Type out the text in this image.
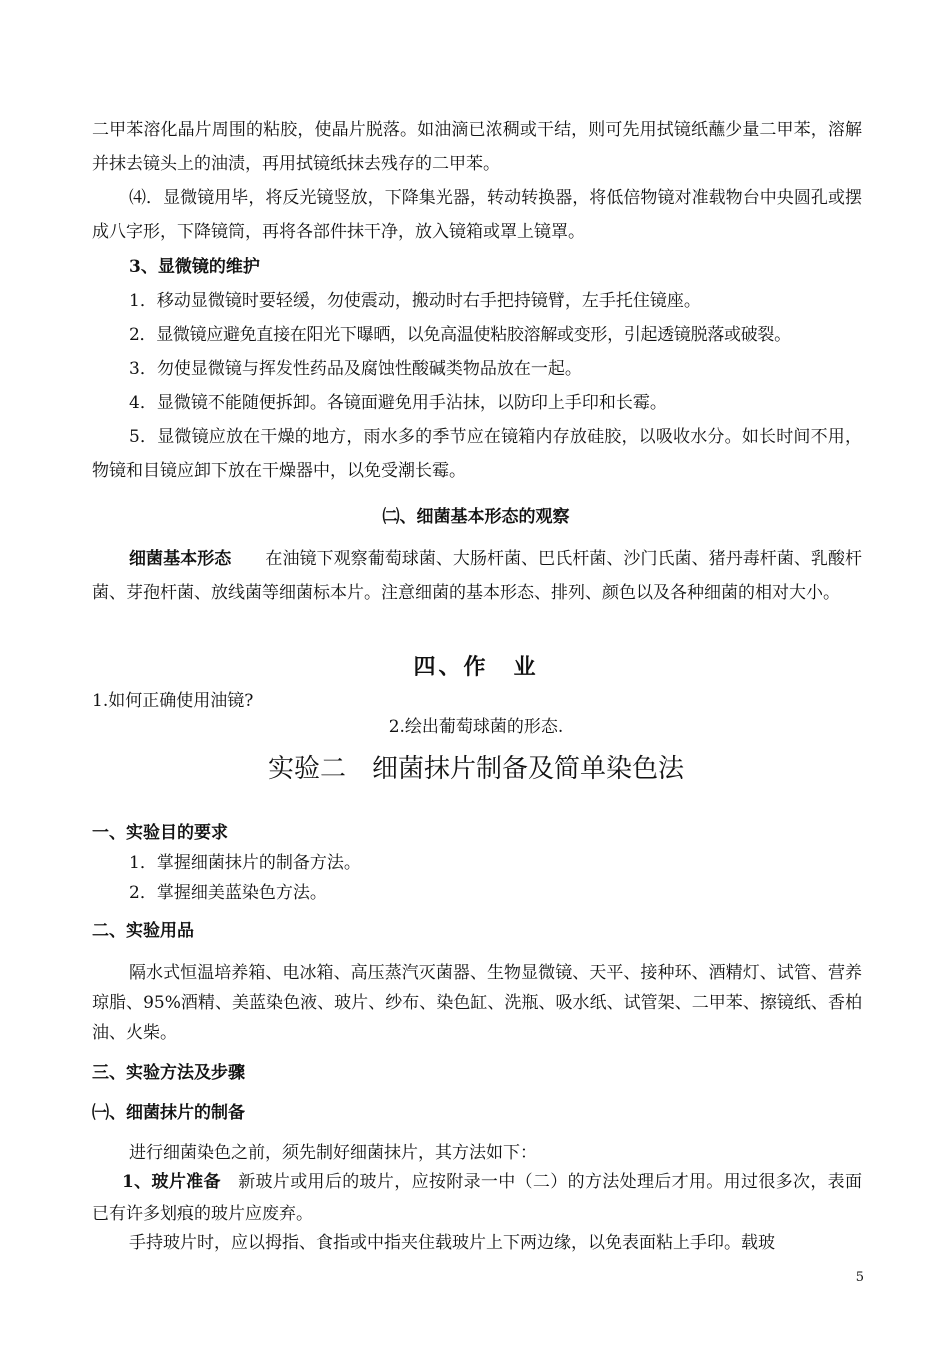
二甲苯溶化晶片周围的粘胶，使晶片脱落。如油滴已浓稠或干结，则可先用拭镜纸蘸少量二甲苯，溶解并抹去镜头上的油渍，再用拭镜纸抹去残存的二甲苯。

⑷．显微镜用毕，将反光镜竖放，下降集光器，转动转换器，将低倍物镜对准载物台中央圆孔或摆成八字形，下降镜筒，再将各部件抹干净，放入镜箱或罩上镜罩。

3、显微镜的维护

1．移动显微镜时要轻缓，勿使震动，搬动时右手把持镜臂，左手托住镜座。

2．显微镜应避免直接在阳光下曝晒，以免高温使粘胶溶解或变形，引起透镜脱落或破裂。

3．勿使显微镜与挥发性药品及腐蚀性酸碱类物品放在一起。

4．显微镜不能随便拆卸。各镜面避免用手沾抹，以防印上手印和长霉。

5．显微镜应放在干燥的地方，雨水多的季节应在镜箱内存放硅胶，以吸收水分。如长时间不用，物镜和目镜应卸下放在干燥器中，以免受潮长霉。

㈡、细菌基本形态的观察

细菌基本形态　　 在油镜下观察葡萄球菌、大肠杆菌、巴氏杆菌、沙门氏菌、猪丹毒杆菌、乳酸杆菌、芽孢杆菌、放线菌等细菌标本片。注意细菌的基本形态、排列、颜色以及各种细菌的相对大小。

四、作　业
1.如何正确使用油镜?
2.绘出葡萄球菌的形态.
实验二　细菌抹片制备及简单染色法
一、实验目的要求

1．掌握细菌抹片的制备方法。

2．掌握细美蓝染色方法。

二、实验用品

隔水式恒温培养箱、电冰箱、高压蒸汽灭菌器、生物显微镜、天平、接种环、酒精灯、试管、营养琼脂、95%酒精、美蓝染色液、玻片、纱布、染色缸、洗瓶、吸水纸、试管架、二甲苯、擦镜纸、香柏油、火柴。

三、实验方法及步骤
㈠、细菌抹片的制备

进行细菌染色之前，须先制好细菌抹片，其方法如下：

1、玻片准备　 新玻片或用后的玻片，应按附录一中（二）的方法处理后才用。用过很多次，表面已有许多划痕的玻片应废弃。

手持玻片时，应以拇指、食指或中指夹住载玻片上下两边缘，以免表面粘上手印。载玻

5
